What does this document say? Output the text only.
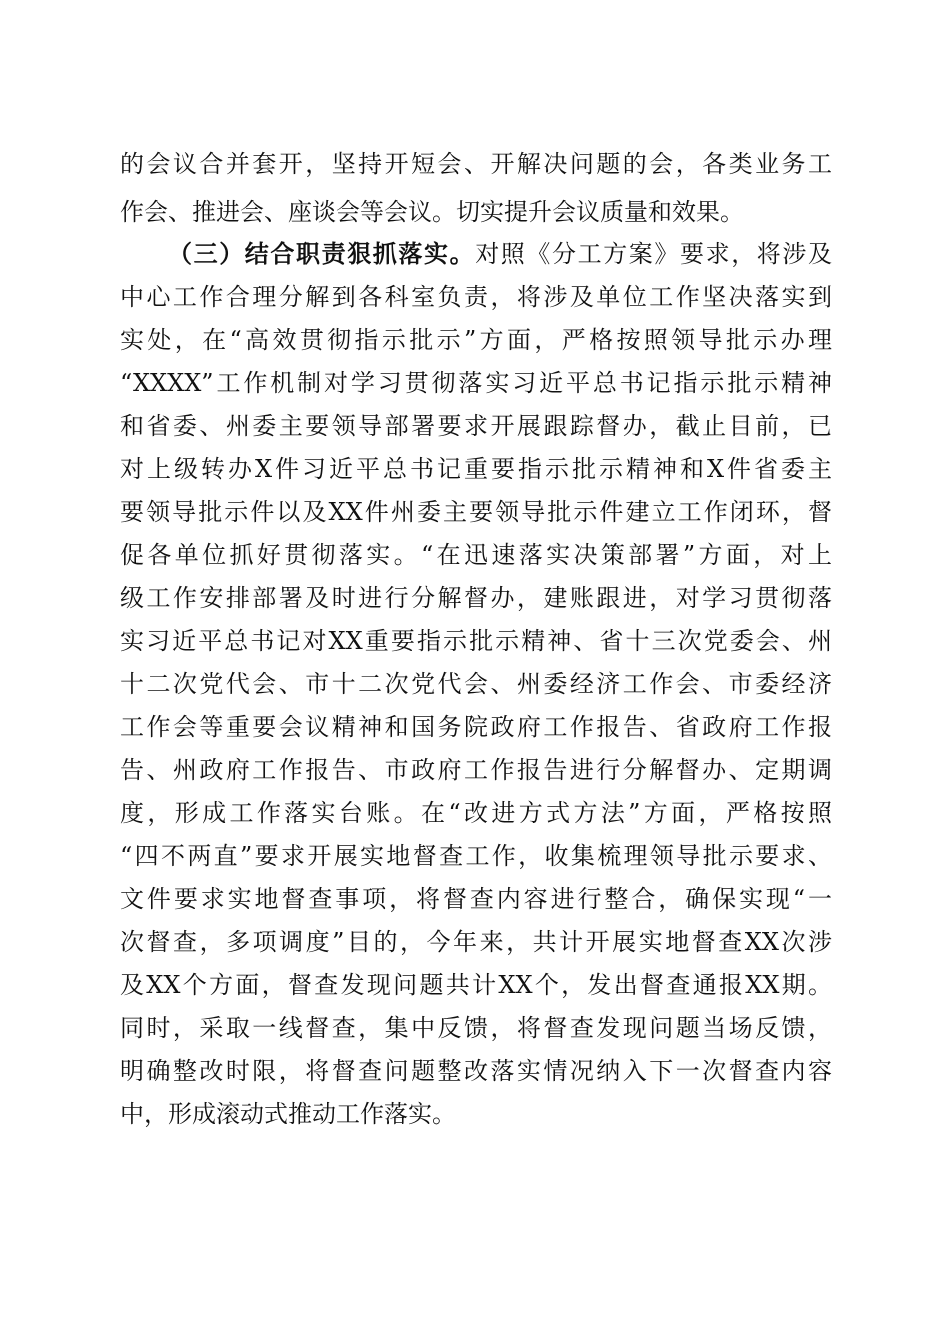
的会议合并套开，坚持开短会、开解决问题的会，各类业务工
作会、推进会、座谈会等会议。切实提升会议质量和效果。
（三）结合职责狠抓落实。对照《分工方案》要求，将涉及
中心工作合理分解到各科室负责，将涉及单位工作坚决落实到
实处，在“高效贯彻指示批示”方面，严格按照领导批示办理
“XXXX”工作机制对学习贯彻落实习近平总书记指示批示精神
和省委、州委主要领导部署要求开展跟踪督办，截止目前，已
对上级转办X件习近平总书记重要指示批示精神和X件省委主
要领导批示件以及XX件州委主要领导批示件建立工作闭环，督
促各单位抓好贯彻落实。“在迅速落实决策部署”方面，对上
级工作安排部署及时进行分解督办，建账跟进，对学习贯彻落
实习近平总书记对XX重要指示批示精神、省十三次党委会、州
十二次党代会、市十二次党代会、州委经济工作会、市委经济
工作会等重要会议精神和国务院政府工作报告、省政府工作报
告、州政府工作报告、市政府工作报告进行分解督办、定期调
度，形成工作落实台账。在“改进方式方法”方面，严格按照
“四不两直”要求开展实地督查工作，收集梳理领导批示要求、
文件要求实地督查事项，将督查内容进行整合，确保实现“一
次督查，多项调度”目的，今年来，共计开展实地督查XX次涉
及XX个方面，督查发现问题共计XX个，发出督查通报XX期。
同时，采取一线督查，集中反馈，将督查发现问题当场反馈，
明确整改时限，将督查问题整改落实情况纳入下一次督查内容
中，形成滚动式推动工作落实。
